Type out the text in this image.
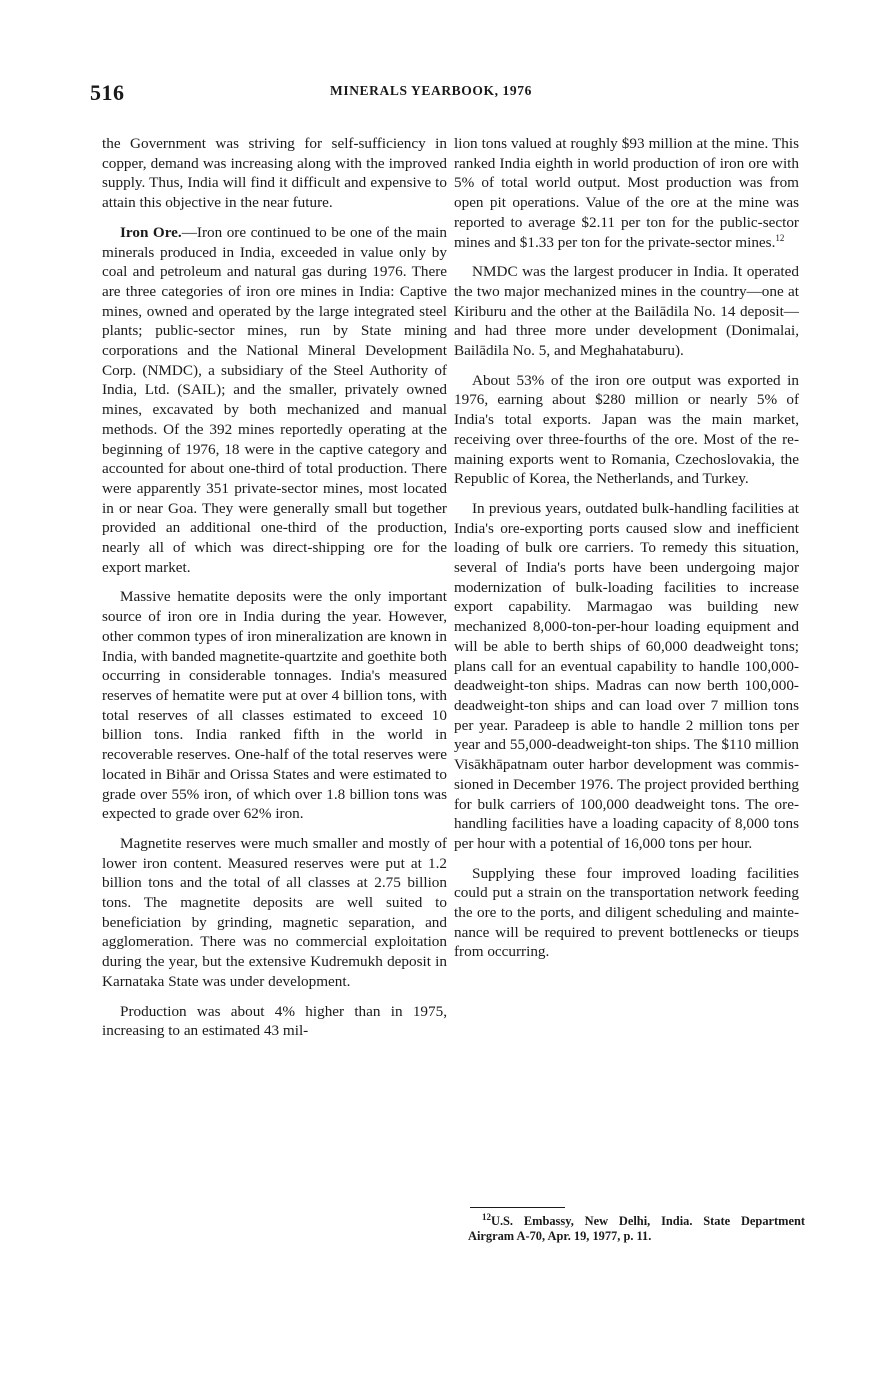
516	MINERALS YEARBOOK, 1976

the Government was striving for self-sufficiency in copper, demand was increasing along with the improved supply. Thus, India will find it difficult and expensive to attain this objective in the near future.

Iron Ore.—Iron ore continued to be one of the main minerals produced in India, exceeded in value only by coal and petroleum and natural gas during 1976. There are three categories of iron ore mines in India: Captive mines, owned and operated by the large integrated steel plants; public-sector mines, run by State mining corporations and the National Mineral Development Corp. (NMDC), a subsidiary of the Steel Authority of India, Ltd. (SAIL); and the smaller, privately owned mines, excavated by both mechanized and manual methods. Of the 392 mines reportedly operating at the beginning of 1976, 18 were in the captive category and accounted for about one-third of total production. There were apparently 351 private-sector mines, most located in or near Goa. They were generally small but together provided an additional one-third of the production, nearly all of which was direct-shipping ore for the export market.

Massive hematite deposits were the only important source of iron ore in India during the year. However, other common types of iron mineralization are known in India, with banded magnetite-quartzite and goethite both occurring in considerable tonnages. India's measured reserves of hematite were put at over 4 billion tons, with total reserves of all classes estimated to exceed 10 billion tons. India ranked fifth in the world in recoverable reserves. One-half of the total reserves were located in Bihār and Orissa States and were estimated to grade over 55% iron, of which over 1.8 billion tons was expected to grade over 62% iron.

Magnetite reserves were much smaller and mostly of lower iron content. Measured reserves were put at 1.2 billion tons and the total of all classes at 2.75 billion tons. The magnetite deposits are well suited to beneficiation by grinding, magnetic separation, and agglomeration. There was no commercial exploitation during the year, but the extensive Kudremukh deposit in Karnataka State was under development.

Production was about 4% higher than in 1975, increasing to an estimated 43 mil-

lion tons valued at roughly $93 million at the mine. This ranked India eighth in world production of iron ore with 5% of total world output. Most production was from open pit operations. Value of the ore at the mine was reported to average $2.11 per ton for the public-sector mines and $1.33 per ton for the private-sector mines.$^{12}$

NMDC was the largest producer in India. It operated the two major mechanized mines in the country—one at Kiriburu and the other at the Bailādila No. 14 deposit—and had three more under development (Donimalai, Bailādila No. 5, and Meghahataburu).

About 53% of the iron ore output was exported in 1976, earning about $280 million or nearly 5% of India's total exports. Japan was the main market, receiving over three-fourths of the ore. Most of the remaining exports went to Romania, Czechoslovakia, the Republic of Korea, the Netherlands, and Turkey.

In previous years, outdated bulk-handling facilities at India's ore-exporting ports caused slow and inefficient loading of bulk ore carriers. To remedy this situation, several of India's ports have been undergoing major modernization of bulk-loading facilities to increase export capability. Marmagao was building new mechanized 8,000-ton-per-hour loading equipment and will be able to berth ships of 60,000 deadweight tons; plans call for an eventual capability to handle 100,000-deadweight-ton ships. Madras can now berth 100,000-deadweight-ton ships and can load over 7 million tons per year. Paradeep is able to handle 2 million tons per year and 55,000-deadweight-ton ships. The $110 million Visākhāpatnam outer harbor development was commissioned in December 1976. The project provided berthing for bulk carriers of 100,000 deadweight tons. The ore-handling facilities have a loading capacity of 8,000 tons per hour with a potential of 16,000 tons per hour.

Supplying these four improved loading facilities could put a strain on the transportation network feeding the ore to the ports, and diligent scheduling and maintenance will be required to prevent bottlenecks or tieups from occurring.

$^{12}$U.S. Embassy, New Delhi, India. State Department Airgram A-70, Apr. 19, 1977, p. 11.
